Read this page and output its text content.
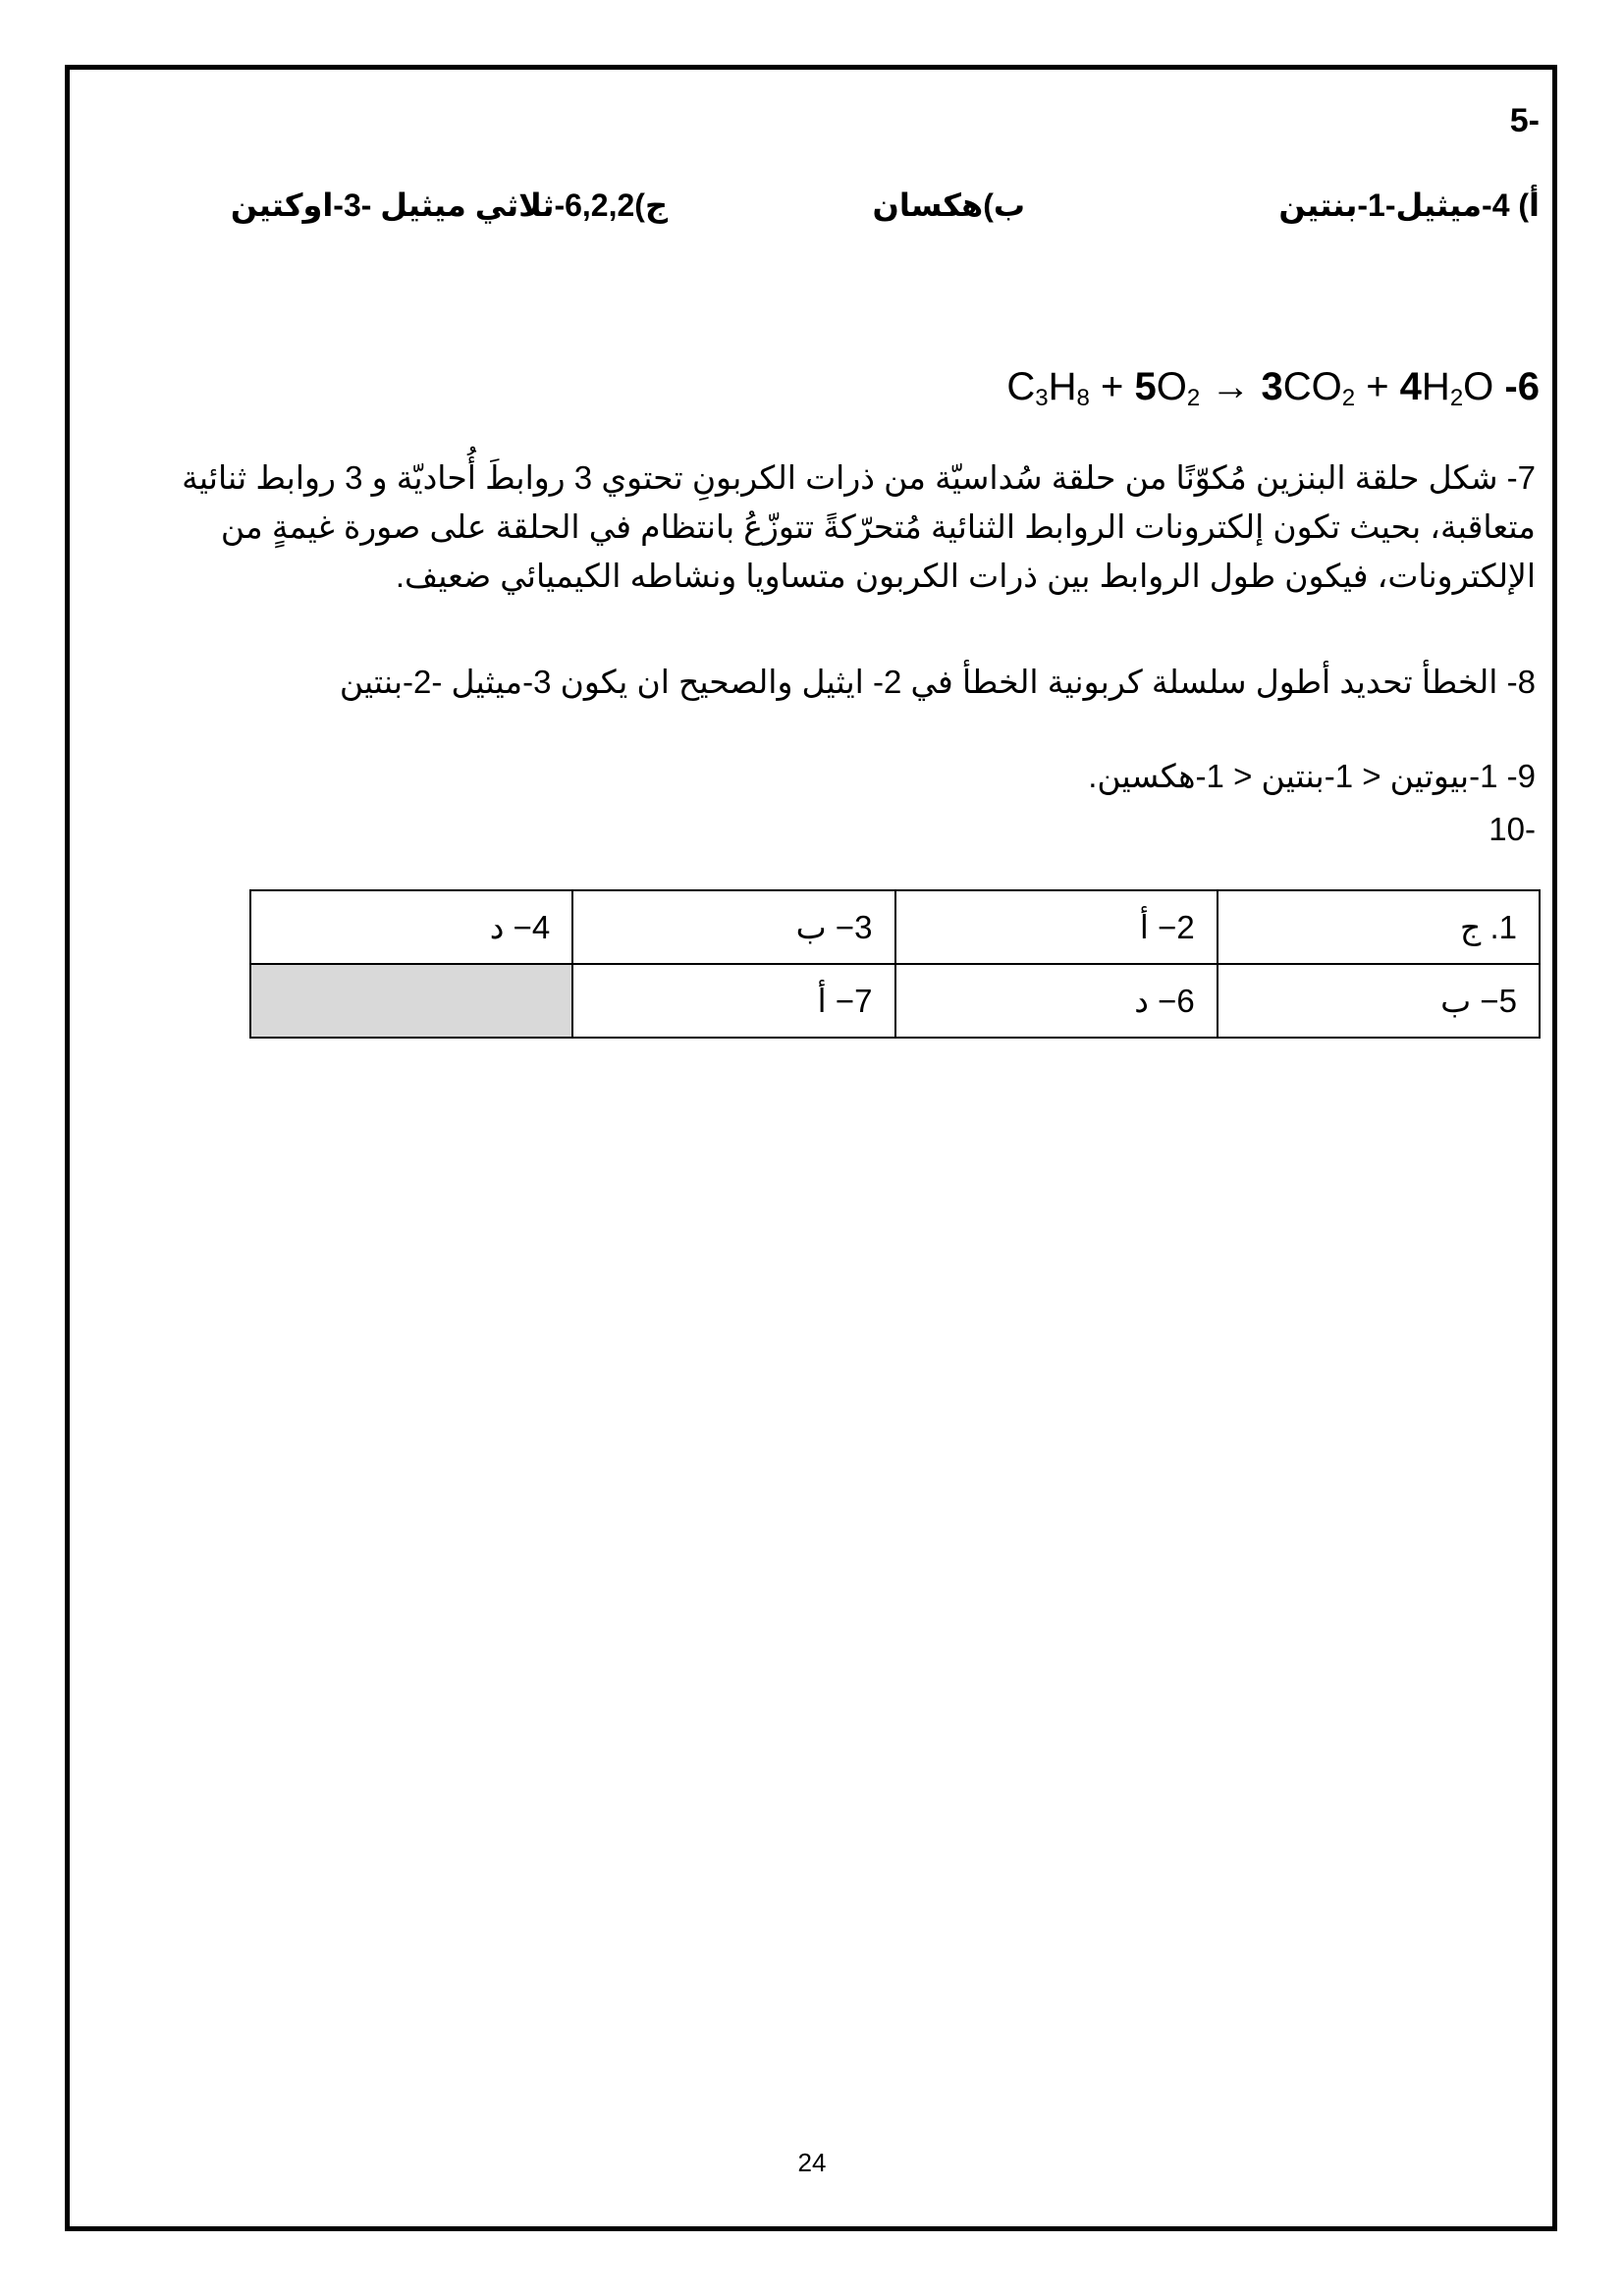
-5
أ) 4-ميثيل-1-بنتين
ب)هكسان
ج)6,2,2-ثلاثي ميثيل -3-اوكتين
$C_3H_8 + 5O_2 \to 3CO_2 + 4H_2O$ -6
7- شكل حلقة البنزين مُكوّنًا من حلقة سُداسيّة من ذرات الكربونِ تحتوي 3 روابطَ أُحاديّة و 3 روابط ثنائية متعاقبة، بحيث تكون إلكترونات الروابط الثنائية مُتحرّكةً تتوزّعُ بانتظام في الحلقة على صورة غيمةٍ من الإلكترونات، فيكون طول الروابط بين ذرات الكربون متساويا ونشاطه الكيميائي ضعيف.
8- الخطأ تحديد أطول سلسلة كربونية الخطأ في 2- ايثيل والصحيح ان يكون 3-ميثيل -2-بنتين
9- 1-بيوتين < 1-بنتين < 1-هكسين.
-10
1. ج	2− أ	3− ب	4− د
5− ب	6− د	7− أ	
24
